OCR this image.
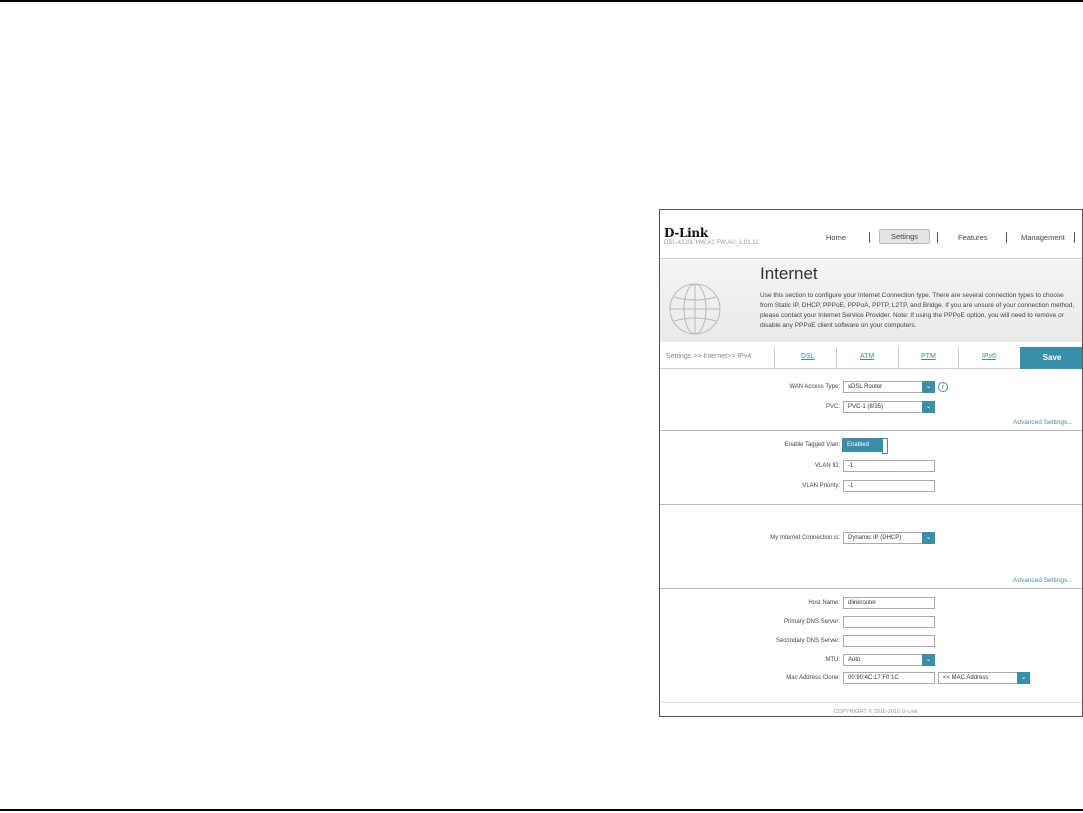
D-Link
DSL-4320L HW:A1 FW:AU_1.01.11
Home	Settings	Features	Management
Internet
Use this section to configure your Internet Connection type. There are several connection types to choose from Static IP, DHCP, PPPoE, PPPoA, PPTP, L2TP, and Bridge. If you are unsure of your connection method, please contact your Internet Service Provider. Note: If using the PPPoE option, you will need to remove or disable any PPPoE client software on your computers.
Settings >> Internet>> IPv4	DSL	ATM	PTM	IPv6	Save
WAN Access Type:	xDSL Router	⌄	i
PVC:	PVC-1 (8/35)	⌄
Advanced Settings...
Enable Tagged Vlan:	Enabled
VLAN ID:	-1
VLAN Priority:	-1
My Internet Connection is:	Dynamic IP (DHCP)	⌄
Advanced Settings...
Host Name:	dlinkrouter
Primary DNS Server:
Secondary DNS Server:
MTU:	Auto	⌄
Mac Address Clone:	00:90:4C:17:F0:1C	<< MAC Address	⌄
COPYRIGHT © 2015-2016 D-Link
